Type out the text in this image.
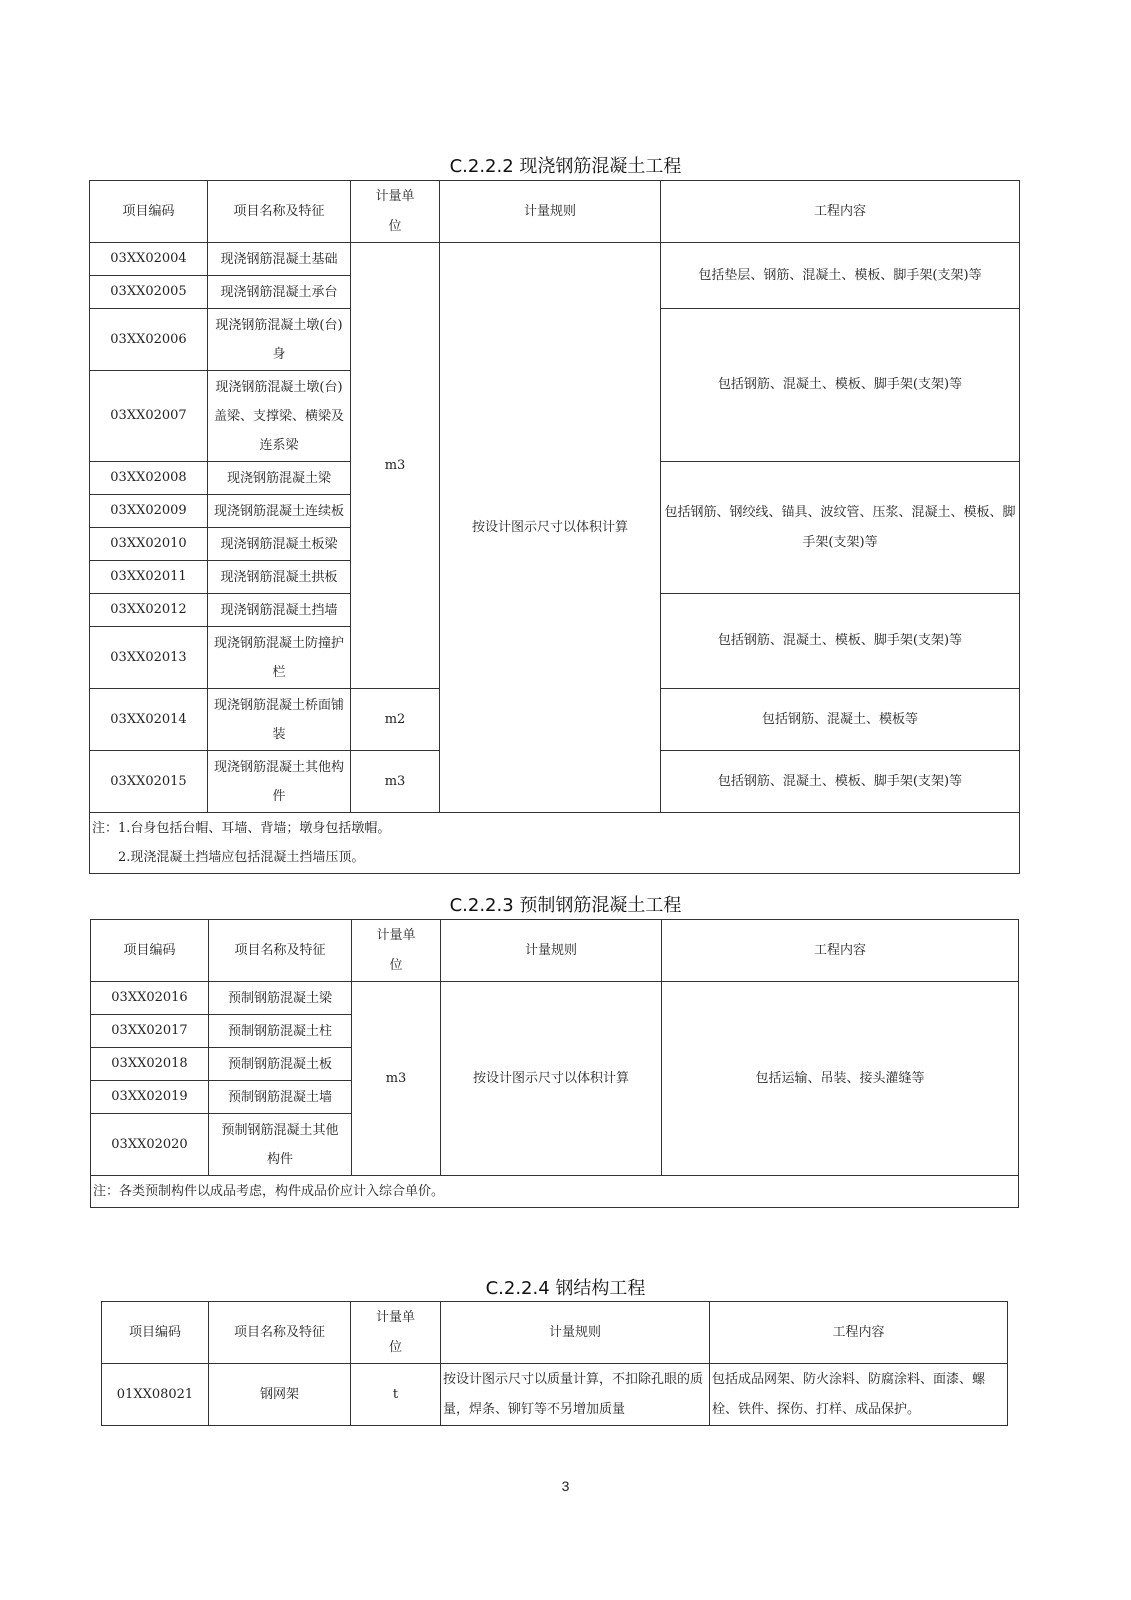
C.2.2.2 现浇钢筋混凝土工程
项目编码	项目名称及特征	计量单位	计量规则	工程内容
03XX02004	现浇钢筋混凝土基础	m3	按设计图示尺寸以体积计算	包括垫层、钢筋、混凝土、模板、脚手架(支架)等
03XX02005	现浇钢筋混凝土承台			
03XX02006	现浇钢筋混凝土墩(台)身			包括钢筋、混凝土、模板、脚手架(支架)等
03XX02007	现浇钢筋混凝土墩(台)盖梁、支撑梁、横梁及连系梁			
03XX02008	现浇钢筋混凝土梁			包括钢筋、钢绞线、锚具、波纹管、压浆、混凝土、模板、脚手架(支架)等
03XX02009	现浇钢筋混凝土连续板			
03XX02010	现浇钢筋混凝土板梁			
03XX02011	现浇钢筋混凝土拱板			
03XX02012	现浇钢筋混凝土挡墙			包括钢筋、混凝土、模板、脚手架(支架)等
03XX02013	现浇钢筋混凝土防撞护栏			
03XX02014	现浇钢筋混凝土桥面铺装	m2		包括钢筋、混凝土、模板等
03XX02015	现浇钢筋混凝土其他构件	m3		包括钢筋、混凝土、模板、脚手架(支架)等

注：1.台身包括台帽、耳墙、背墙；墩身包括墩帽。
2.现浇混凝土挡墙应包括混凝土挡墙压顶。				
C.2.2.3 预制钢筋混凝土工程
项目编码	项目名称及特征	计量单位	计量规则	工程内容
03XX02016	预制钢筋混凝土梁	m3	按设计图示尺寸以体积计算	包括运输、吊装、接头灌缝等
03XX02017	预制钢筋混凝土柱			
03XX02018	预制钢筋混凝土板			
03XX02019	预制钢筋混凝土墙			
03XX02020	预制钢筋混凝土其他构件			

注：各类预制构件以成品考虑，构件成品价应计入综合单价。				
C.2.2.4 钢结构工程
项目编码	项目名称及特征	计量单位	计量规则	工程内容
01XX08021	钢网架	t	按设计图示尺寸以质量计算，不扣除孔眼的质量，焊条、铆钉等不另增加质量	包括成品网架、防火涂料、防腐涂料、面漆、螺栓、铁件、探伤、打样、成品保护。
3
